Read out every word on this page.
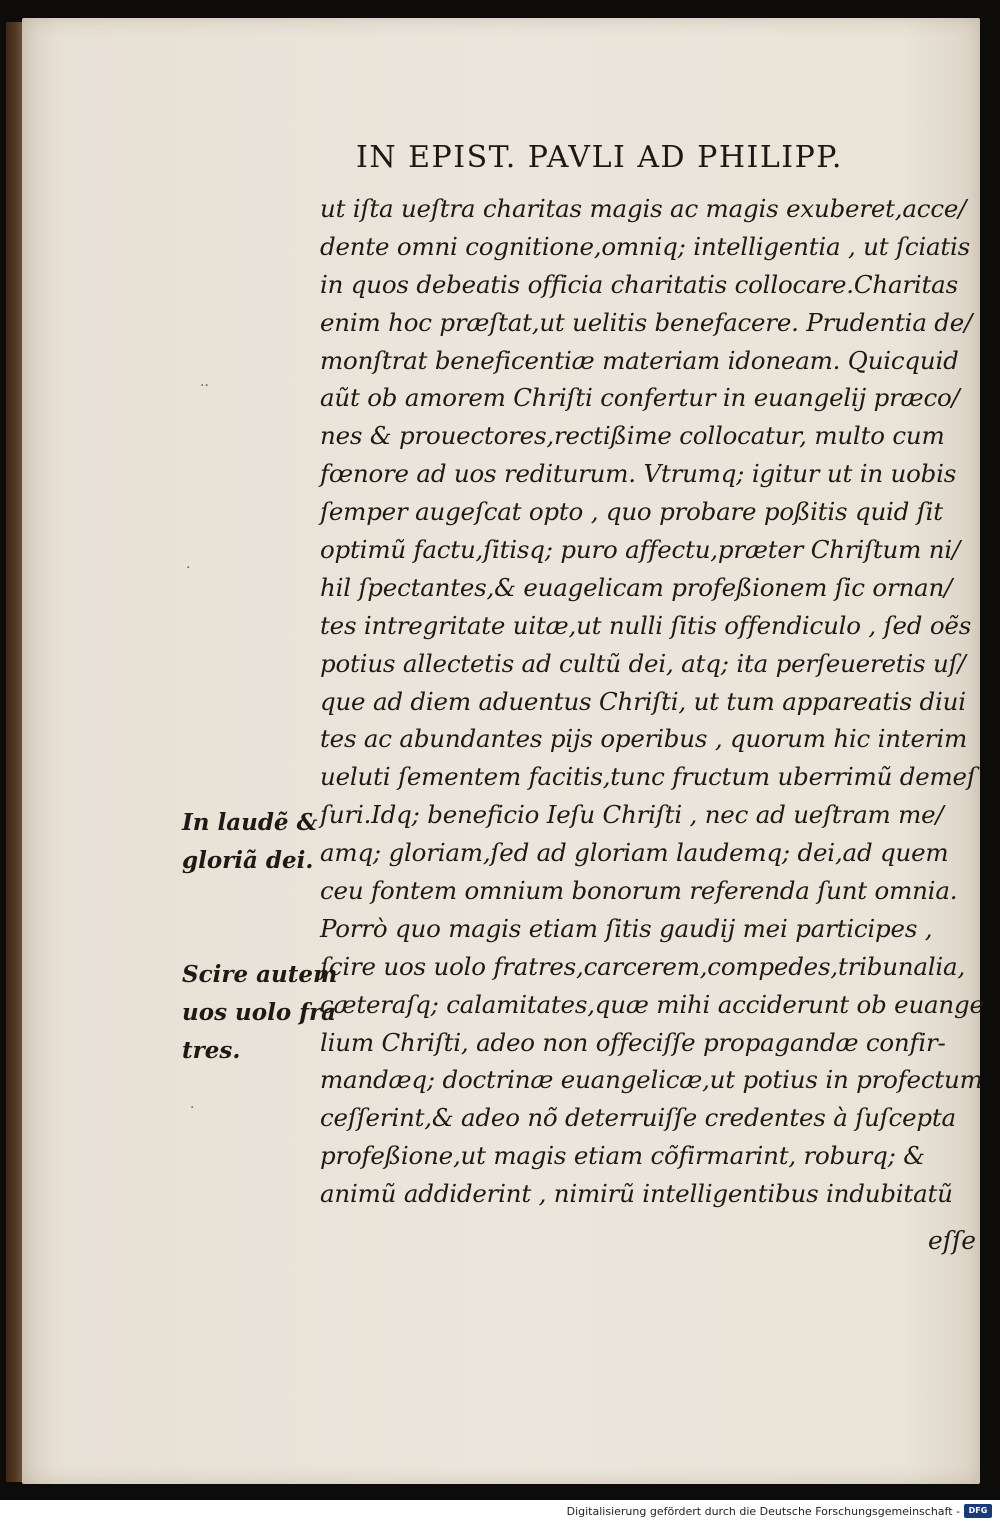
IN EPIST. PAVLI AD PHILIPP.
ut iſta ueſtra charitas magis ac magis exuberet,acce/
dente omni cognitione,omniq; intelligentia , ut ſciatis
in quos debeatis officia charitatis collocare.Charitas
enim hoc præſtat,ut uelitis benefacere. Prudentia de/
monſtrat beneficentiæ materiam idoneam. Quicquid
aũt ob amorem Chriſti confertur in euangelij præco/
nes & prouectores,rectißime collocatur, multo cum
fœnore ad uos rediturum. Vtrumq; igitur ut in uobis
ſemper augeſcat opto , quo probare poßitis quid ſit
optimũ factu,ſitisq; puro affectu,præter Chriſtum ni/
hil ſpectantes,& euagelicam profeßionem ſic ornan/
tes intregritate uitæ,ut nulli ſitis offendiculo , ſed oẽs
potius allectetis ad cultũ dei, atq; ita perſeueretis uſ/
que ad diem aduentus Chriſti, ut tum appareatis diui
tes ac abundantes pijs operibus , quorum hic interim
ueluti ſementem facitis,tunc fructum uberrimũ demeſ
ſuri.Idq; beneficio Ieſu Chriſti , nec ad ueſtram me/
amq; gloriam,ſed ad gloriam laudemq; dei,ad quem
ceu fontem omnium bonorum referenda ſunt omnia.
Porrò quo magis etiam ſitis gaudij mei participes ,
ſcire uos uolo fratres,carcerem,compedes,tribunalia,
cæteraſq; calamitates,quæ mihi acciderunt ob euange
lium Chriſti, adeo non offeciſſe propagandæ confir-
mandæq; doctrinæ euangelicæ,ut potius in profectum
ceſſerint,& adeo nõ deterruiſſe credentes à ſuſcepta
profeßione,ut magis etiam cõfirmarint, roburq; &
animũ addiderint , nimirũ intelligentibus indubitatũ
eſſe
In laudẽ &
gloriã dei.
Scire autem
uos uolo fra
tres.
··
·
·
Digitalisierung gefördert durch die Deutsche Forschungsgemeinschaft -	DFG
